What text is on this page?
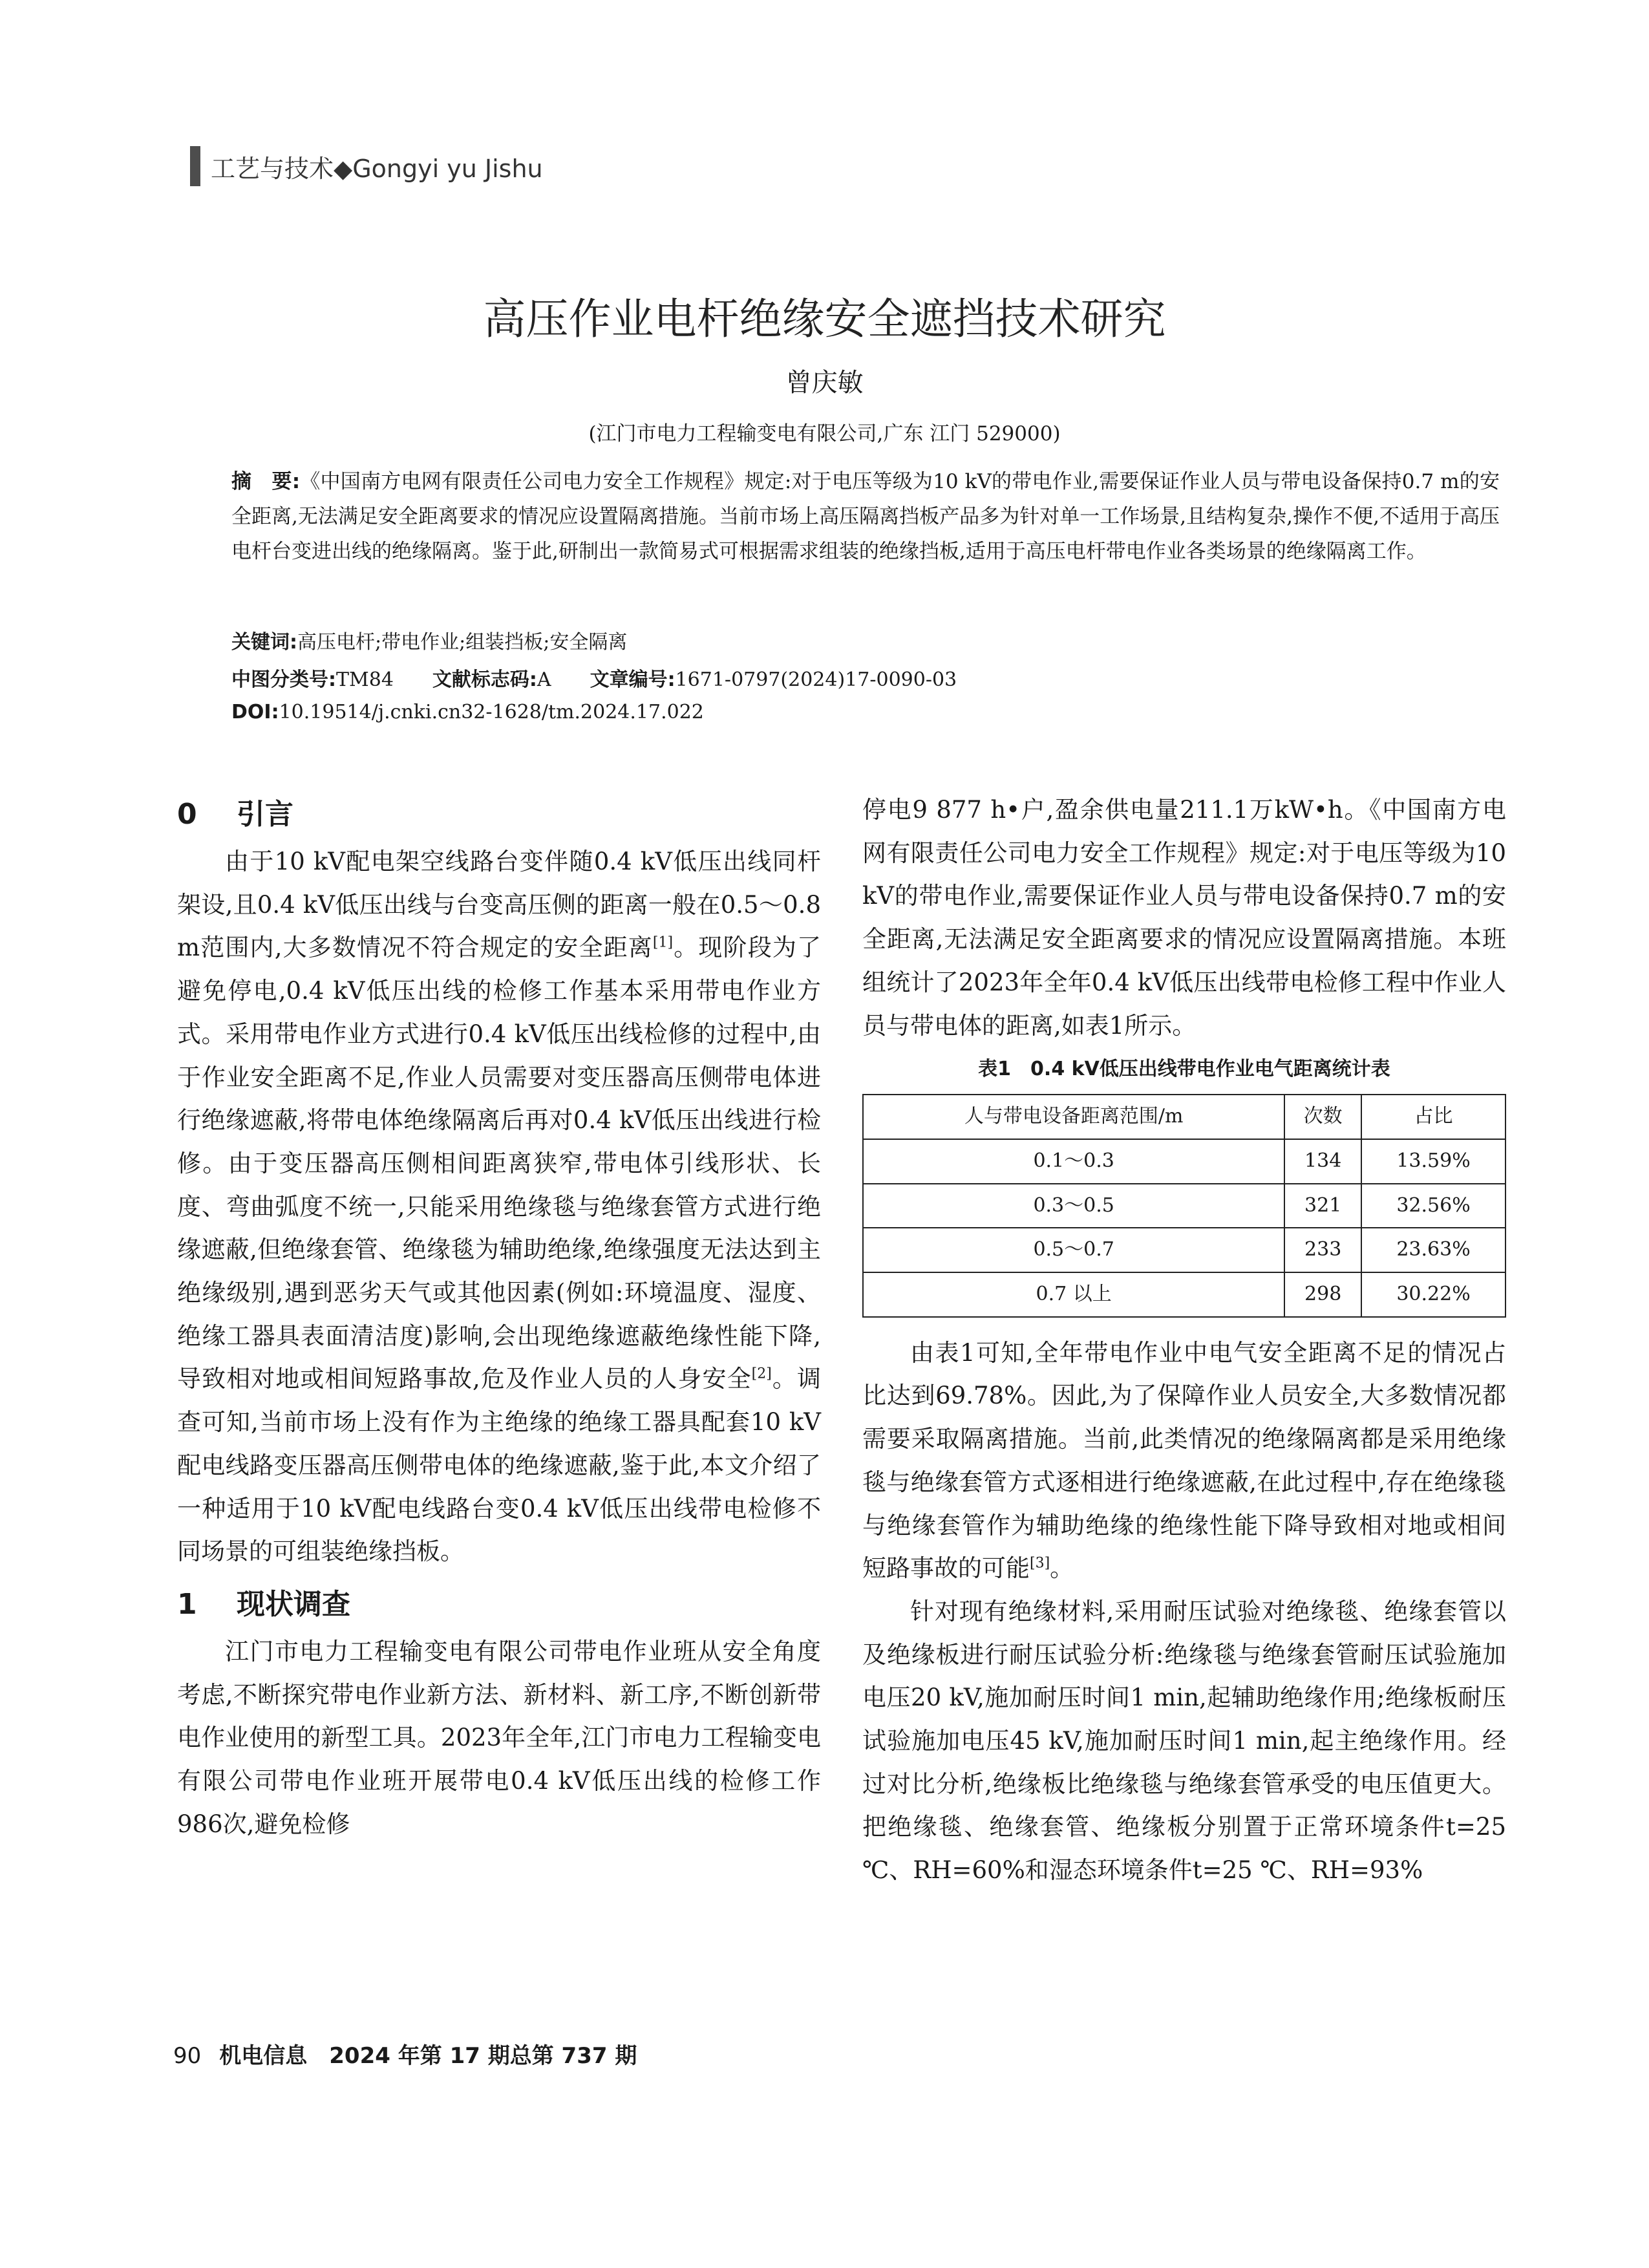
工艺与技术◆Gongyi yu Jishu
高压作业电杆绝缘安全遮挡技术研究
曾庆敏
(江门市电力工程输变电有限公司,广东 江门 529000)
摘　要:《中国南方电网有限责任公司电力安全工作规程》规定:对于电压等级为10 kV的带电作业,需要保证作业人员与带电设备保持0.7 m的安全距离,无法满足安全距离要求的情况应设置隔离措施。当前市场上高压隔离挡板产品多为针对单一工作场景,且结构复杂,操作不便,不适用于高压电杆台变进出线的绝缘隔离。鉴于此,研制出一款简易式可根据需求组装的绝缘挡板,适用于高压电杆带电作业各类场景的绝缘隔离工作。
关键词:高压电杆;带电作业;组装挡板;安全隔离
中图分类号:TM84 文献标志码:A 文章编号:1671-0797(2024)17-0090-03
DOI:10.19514/j.cnki.cn32-1628/tm.2024.17.022
0 引言

由于10 kV配电架空线路台变伴随0.4 kV低压出线同杆架设,且0.4 kV低压出线与台变高压侧的距离一般在0.5～0.8 m范围内,大多数情况不符合规定的安全距离[1]。现阶段为了避免停电,0.4 kV低压出线的检修工作基本采用带电作业方式。采用带电作业方式进行0.4 kV低压出线检修的过程中,由于作业安全距离不足,作业人员需要对变压器高压侧带电体进行绝缘遮蔽,将带电体绝缘隔离后再对0.4 kV低压出线进行检修。由于变压器高压侧相间距离狭窄,带电体引线形状、长度、弯曲弧度不统一,只能采用绝缘毯与绝缘套管方式进行绝缘遮蔽,但绝缘套管、绝缘毯为辅助绝缘,绝缘强度无法达到主绝缘级别,遇到恶劣天气或其他因素(例如:环境温度、湿度、绝缘工器具表面清洁度)影响,会出现绝缘遮蔽绝缘性能下降,导致相对地或相间短路事故,危及作业人员的人身安全[2]。调查可知,当前市场上没有作为主绝缘的绝缘工器具配套10 kV配电线路变压器高压侧带电体的绝缘遮蔽,鉴于此,本文介绍了一种适用于10 kV配电线路台变0.4 kV低压出线带电检修不同场景的可组装绝缘挡板。

1 现状调查

江门市电力工程输变电有限公司带电作业班从安全角度考虑,不断探究带电作业新方法、新材料、新工序,不断创新带电作业使用的新型工具。2023年全年,江门市电力工程输变电有限公司带电作业班开展带电0.4 kV低压出线的检修工作986次,避免检修

停电9 877 h•户,盈余供电量211.1万kW•h。《中国南方电网有限责任公司电力安全工作规程》规定:对于电压等级为10 kV的带电作业,需要保证作业人员与带电设备保持0.7 m的安全距离,无法满足安全距离要求的情况应设置隔离措施。本班组统计了2023年全年0.4 kV低压出线带电检修工程中作业人员与带电体的距离,如表1所示。

表1　0.4 kV低压出线带电作业电气距离统计表
人与带电设备距离范围/m	次数	占比
0.1～0.3	134	13.59%
0.3～0.5	321	32.56%
0.5～0.7	233	23.63%
0.7 以上	298	30.22%

由表1可知,全年带电作业中电气安全距离不足的情况占比达到69.78%。因此,为了保障作业人员安全,大多数情况都需要采取隔离措施。当前,此类情况的绝缘隔离都是采用绝缘毯与绝缘套管方式逐相进行绝缘遮蔽,在此过程中,存在绝缘毯与绝缘套管作为辅助绝缘的绝缘性能下降导致相对地或相间短路事故的可能[3]。

针对现有绝缘材料,采用耐压试验对绝缘毯、绝缘套管以及绝缘板进行耐压试验分析:绝缘毯与绝缘套管耐压试验施加电压20 kV,施加耐压时间1 min,起辅助绝缘作用;绝缘板耐压试验施加电压45 kV,施加耐压时间1 min,起主绝缘作用。经过对比分析,绝缘板比绝缘毯与绝缘套管承受的电压值更大。把绝缘毯、绝缘套管、绝缘板分别置于正常环境条件t=25 ℃、RH=60%和湿态环境条件t=25 ℃、RH=93%

90 机电信息　2024 年第 17 期总第 737 期
